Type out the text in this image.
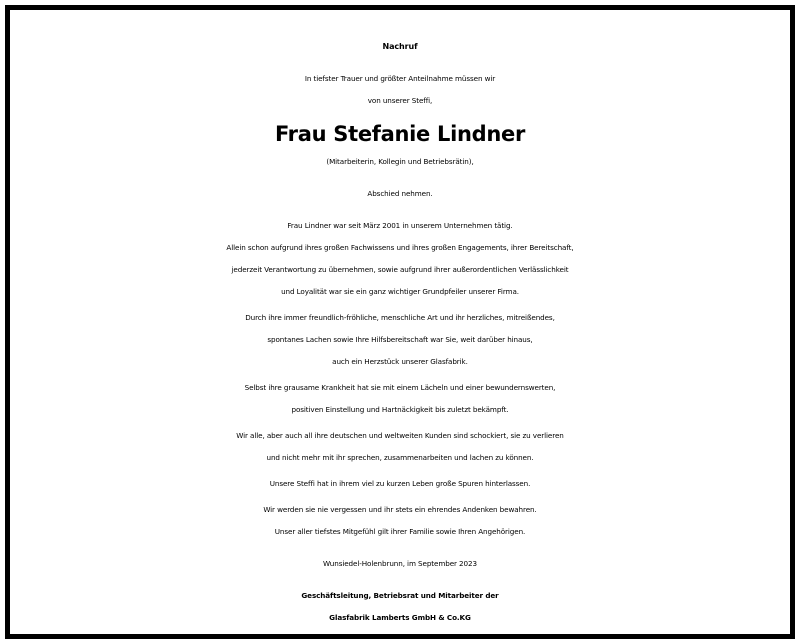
Nachruf
In tiefster Trauer und größter Anteilnahme müssen wir
von unserer Steffi,
Frau Stefanie Lindner
(Mitarbeiterin, Kollegin und Betriebsrätin),
Abschied nehmen.
Frau Lindner war seit März 2001 in unserem Unternehmen tätig.
Allein schon aufgrund ihres großen Fachwissens und ihres großen Engagements, ihrer Bereitschaft,
jederzeit Verantwortung zu übernehmen, sowie aufgrund ihrer außerordentlichen Verlässlichkeit
und Loyalität war sie ein ganz wichtiger Grundpfeiler unserer Firma.
Durch ihre immer freundlich-fröhliche, menschliche Art und ihr herzliches, mitreißendes,
spontanes Lachen sowie Ihre Hilfsbereitschaft war Sie, weit darüber hinaus,
auch ein Herzstück unserer Glasfabrik.
Selbst ihre grausame Krankheit hat sie mit einem Lächeln und einer bewundernswerten,
positiven Einstellung und Hartnäckigkeit bis zuletzt bekämpft.
Wir alle, aber auch all ihre deutschen und weltweiten Kunden sind schockiert, sie zu verlieren
und nicht mehr mit ihr sprechen, zusammenarbeiten und lachen zu können.
Unsere Steffi hat in ihrem viel zu kurzen Leben große Spuren hinterlassen.
Wir werden sie nie vergessen und ihr stets ein ehrendes Andenken bewahren.
Unser aller tiefstes Mitgefühl gilt ihrer Familie sowie Ihren Angehörigen.
Wunsiedel-Holenbrunn, im September 2023
Geschäftsleitung, Betriebsrat und Mitarbeiter der
Glasfabrik Lamberts GmbH & Co.KG
